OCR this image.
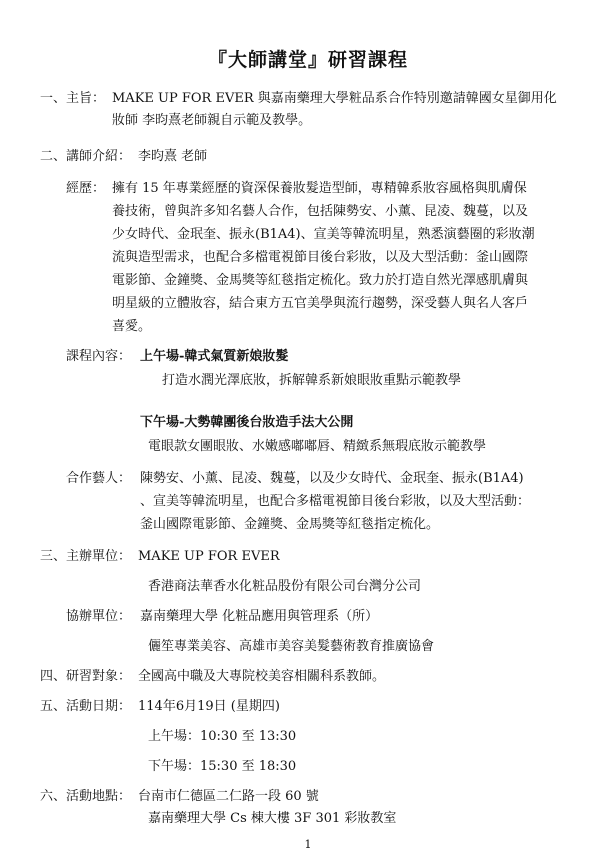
『大師講堂』研習課程
一、主旨： MAKE UP FOR EVER 與嘉南藥理大學粧品系合作特別邀請韓國女星御用化
妝師 李昀熹老師親自示範及教學。
二、講師介紹： 李昀熹 老師
經歷： 擁有 15 年專業經歷的資深保養妝髮造型師，專精韓系妝容風格與肌膚保
養技術，曾與許多知名藝人合作，包括陳勢安、小薰、昆凌、魏蔓，以及
少女時代、金珉奎、振永(B1A4)、宣美等韓流明星，熟悉演藝圈的彩妝潮
流與造型需求，也配合多檔電視節目後台彩妝，以及大型活動：釜山國際
電影節、金鐘獎、金馬獎等紅毯指定梳化。致力於打造自然光澤感肌膚與
明星級的立體妝容，結合東方五官美學與流行趨勢，深受藝人與名人客戶
喜愛。
課程內容： 上午場-韓式氣質新娘妝髮
打造水潤光澤底妝，拆解韓系新娘眼妝重點示範教學
下午場-大勢韓團後台妝造手法大公開
電眼款女團眼妝、水嫩感嘟嘟唇、精緻系無瑕底妝示範教學
合作藝人： 陳勢安、小薰、昆凌、魏蔓，以及少女時代、金珉奎、振永(B1A4)
、宣美等韓流明星，也配合多檔電視節目後台彩妝，以及大型活動：
釜山國際電影節、金鐘獎、金馬獎等紅毯指定梳化。
三、主辦單位： MAKE UP FOR EVER
香港商法華香水化粧品股份有限公司台灣分公司
協辦單位： 嘉南藥理大學 化粧品應用與管理系（所）
儷笙專業美容、高雄市美容美髮藝術教育推廣協會
四、研習對象： 全國高中職及大專院校美容相關科系教師。
五、活動日期： 114年6月19日 (星期四)
上午場：10:30 至 13:30
下午場：15:30 至 18:30
六、活動地點： 台南市仁德區二仁路一段 60 號
嘉南藥理大學 Cs 棟大樓 3F 301 彩妝教室
1
